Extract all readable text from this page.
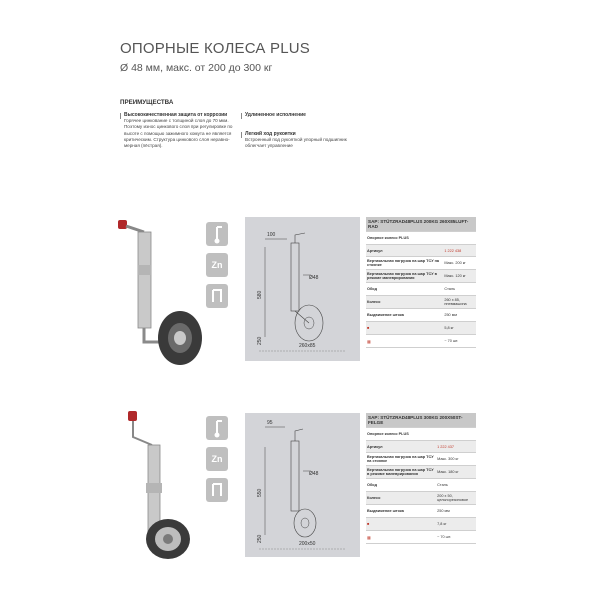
ОПОРНЫЕ КОЛЕСА PLUS
Ø 48 мм, макс. от 200 до 300 кг
ПРЕИМУЩЕСТВА
Высококачественная защита от коррозии
Горячее цинкование с толщиной слоя до 70 мкм.
Поэтому износ цинкового слоя при регулировке по
высоте с помощью зажимного хомута не является
критическим. Структура цинкового слоя неравно-
мерная (пёстрая).
Удлиненное исполнение
Легкий ход рукоятки
Встроенный под рукояткой упорный подшипник
облегчает управление
Zn
100
Ø48
580
250
260x85
SAP: STÜTZRAD48PLUS 200KG 260X85LUFT-RAD	
Опорное колесо PLUS	
Артикул	1 222 438
Вертикальная нагрузка на шар TCУ на стоянке	Макс. 200 кг
Вертикальная нагрузка на шар TCУ в режиме маневрирования	Макс. 120 кг
Обод	Сталь
Колесо	260 x 85, пневмашина
Выдвижение штока	250 мм
■	5,8 кг
▦	~ 70 шт.
Zn
95
Ø48
550
250
200x50
SAP: STÜTZRAD48PLUS 300KG 200X50ST-FELGE	
Опорное колесо PLUS	
Артикул	1 222 437
Вертикальная нагрузка на шар TCУ на стоянке	Макс. 300 кг
Вертикальная нагрузка на шар TCУ в режиме маневрирования	Макс. 180 кг
Обод	Сталь
Колесо	200 x 50, цельнорезиновое
Выдвижение штока	250 мм
■	7,8 кг
▦	~ 70 шт.
